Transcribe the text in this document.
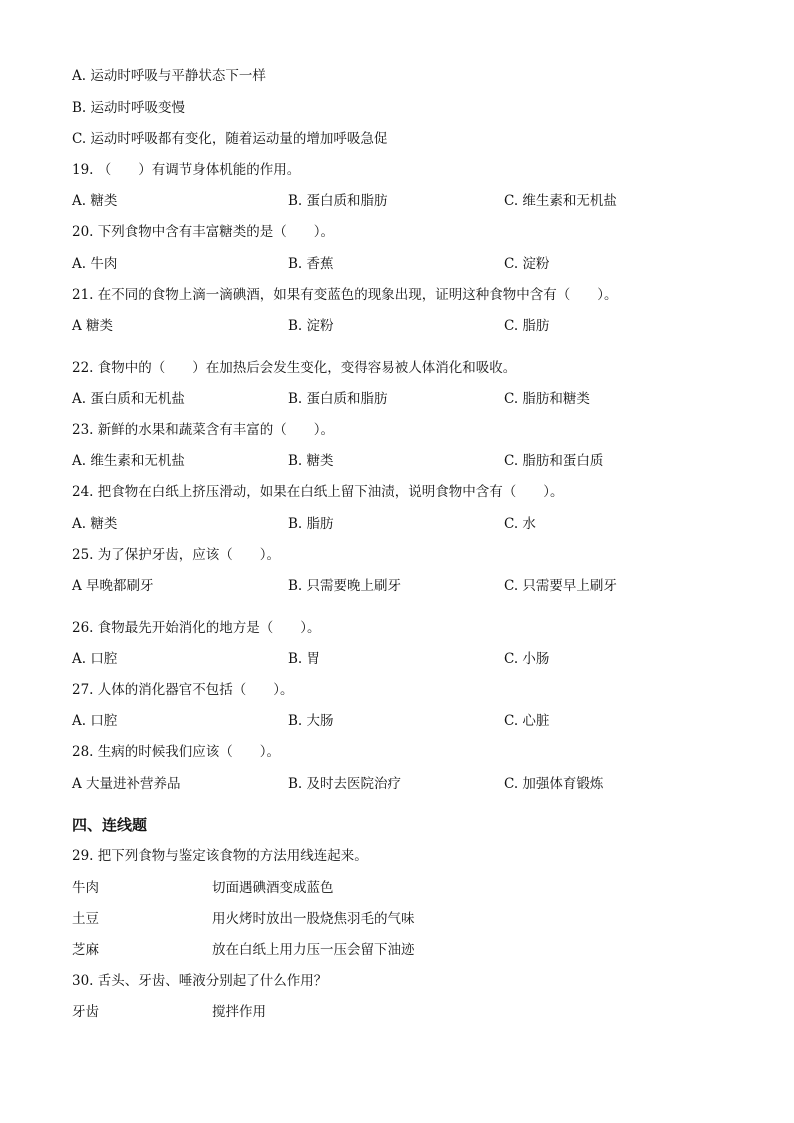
A. 运动时呼吸与平静状态下一样
B. 运动时呼吸变慢
C. 运动时呼吸都有变化，随着运动量的增加呼吸急促
19. （　　）有调节身体机能的作用。
A. 糖类	B. 蛋白质和脂肪	C. 维生素和无机盐
20. 下列食物中含有丰富糖类的是（　　）。
A. 牛肉	B. 香蕉	C. 淀粉
21. 在不同的食物上滴一滴碘酒，如果有变蓝色的现象出现，证明这种食物中含有（　　）。
A 糖类	B. 淀粉	C. 脂肪
22. 食物中的（　　）在加热后会发生变化，变得容易被人体消化和吸收。
A. 蛋白质和无机盐	B. 蛋白质和脂肪	C. 脂肪和糖类
23. 新鲜的水果和蔬菜含有丰富的（　　）。
A. 维生素和无机盐	B. 糖类	C. 脂肪和蛋白质
24. 把食物在白纸上挤压滑动，如果在白纸上留下油渍，说明食物中含有（　　）。
A. 糖类	B. 脂肪	C. 水
25. 为了保护牙齿，应该（　　）。
A 早晚都刷牙	B. 只需要晚上刷牙	C. 只需要早上刷牙
26. 食物最先开始消化的地方是（　　）。
A. 口腔	B. 胃	C. 小肠
27. 人体的消化器官不包括（　　）。
A. 口腔	B. 大肠	C. 心脏
28. 生病的时候我们应该（　　）。
A 大量进补营养品	B. 及时去医院治疗	C. 加强体育锻炼
四、连线题
29. 把下列食物与鉴定该食物的方法用线连起来。
牛肉	切面遇碘酒变成蓝色
土豆	用火烤时放出一股烧焦羽毛的气味
芝麻	放在白纸上用力压一压会留下油迹
30. 舌头、牙齿、唾液分别起了什么作用？
牙齿	搅拌作用
